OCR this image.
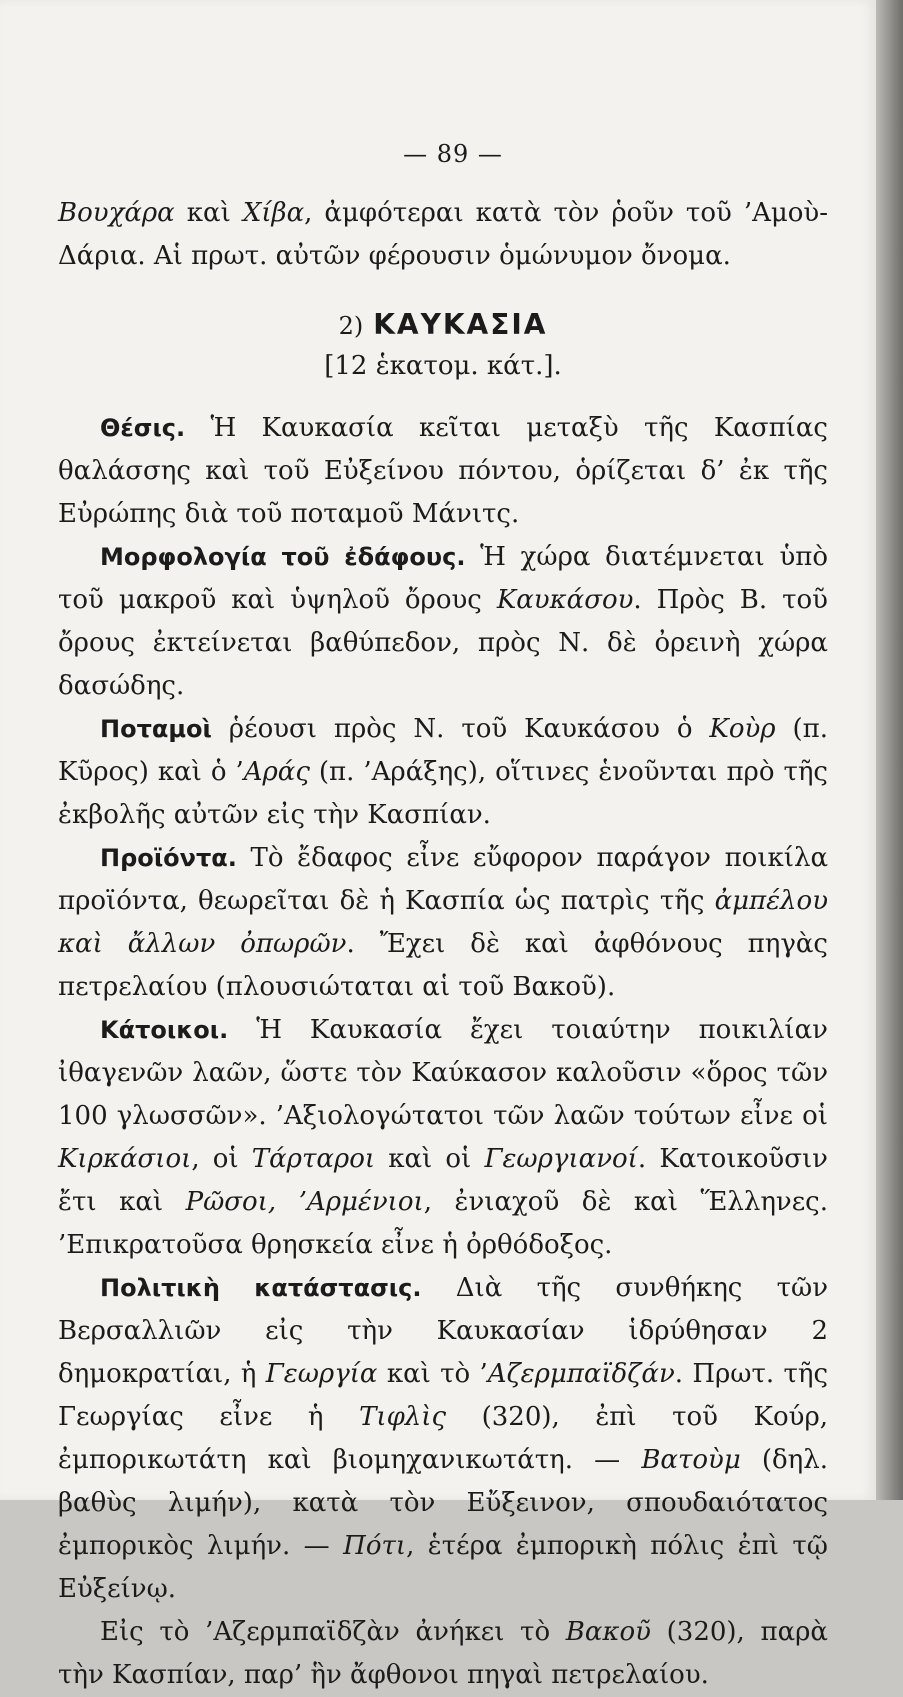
— 89 —

Βουχάρα καὶ Χίβα, ἀμφότεραι κατὰ τὸν ῥοῦν τοῦ ’Αμοὺ-Δάρια. Αἱ πρωτ. αὐτῶν φέρουσιν ὁμώνυμον ὄνομα.

2) ΚΑΥΚΑΣΙΑ
[12 ἑκατομ. κάτ.].

Θέσις. Ἡ Καυκασία κεῖται μεταξὺ τῆς Κασπίας θαλάσσης καὶ τοῦ Εὐξείνου πόντου, ὁρίζεται δ’ ἐκ τῆς Εὐρώπης διὰ τοῦ ποταμοῦ Μάνιτς.

Μορφολογία τοῦ ἐδάφους. Ἡ χώρα διατέμνεται ὑπὸ τοῦ μακροῦ καὶ ὑψηλοῦ ὄρους Καυκάσου. Πρὸς Β. τοῦ ὄρους ἐκτείνεται βαθύπεδον, πρὸς Ν. δὲ ὀρεινὴ χώρα δασώδης.

Ποταμοὶ ῥέουσι πρὸς Ν. τοῦ Καυκάσου ὁ Κοὺρ (π. Κῦρος) καὶ ὁ ’Αράς (π. ’Αράξης), οἵτινες ἑνοῦνται πρὸ τῆς ἐκβολῆς αὐτῶν εἰς τὴν Κασπίαν.

Προϊόντα. Τὸ ἔδαφος εἶνε εὔφορον παράγον ποικίλα προϊόντα, θεωρεῖται δὲ ἡ Κασπία ὡς πατρὶς τῆς ἀμπέλου καὶ ἄλλων ὀπωρῶν. Ἔχει δὲ καὶ ἀφθόνους πηγὰς πετρελαίου (πλουσιώταται αἱ τοῦ Βακοῦ).

Κάτοικοι. Ἡ Καυκασία ἔχει τοιαύτην ποικιλίαν ἰθαγενῶν λαῶν, ὥστε τὸν Καύκασον καλοῦσιν «ὅρος τῶν 100 γλωσσῶν». ’Αξιολογώτατοι τῶν λαῶν τούτων εἶνε οἱ Κιρκάσιοι, οἱ Τάρταροι καὶ οἱ Γεωργιανοί. Κατοικοῦσιν ἔτι καὶ Ρῶσοι, ’Αρμένιοι, ἐνιαχοῦ δὲ καὶ Ἕλληνες. ’Επικρατοῦσα θρησκεία εἶνε ἡ ὀρθόδοξος.

Πολιτικὴ κατάστασις. Διὰ τῆς συνθήκης τῶν Βερσαλλιῶν εἰς τὴν Καυκασίαν ἱδρύθησαν 2 δημοκρατίαι, ἡ Γεωργία καὶ τὸ ’Αζερμπαϊδζάν. Πρωτ. τῆς Γεωργίας εἶνε ἡ Τιφλὶς (320), ἐπὶ τοῦ Κούρ, ἐμπορικωτάτη καὶ βιομηχανικωτάτη. — Βατοὺμ (δηλ. βαθὺς λιμήν), κατὰ τὸν Εὔξεινον, σπουδαιότατος ἐμπορικὸς λιμήν. — Πότι, ἑτέρα ἐμπορικὴ πόλις ἐπὶ τῷ Εὐξείνῳ.

Εἰς τὸ ’Αζερμπαϊδζὰν ἀνήκει τὸ Βακοῦ (320), παρὰ τὴν Κασπίαν, παρ’ ἣν ἄφθονοι πηγαὶ πετρελαίου.
